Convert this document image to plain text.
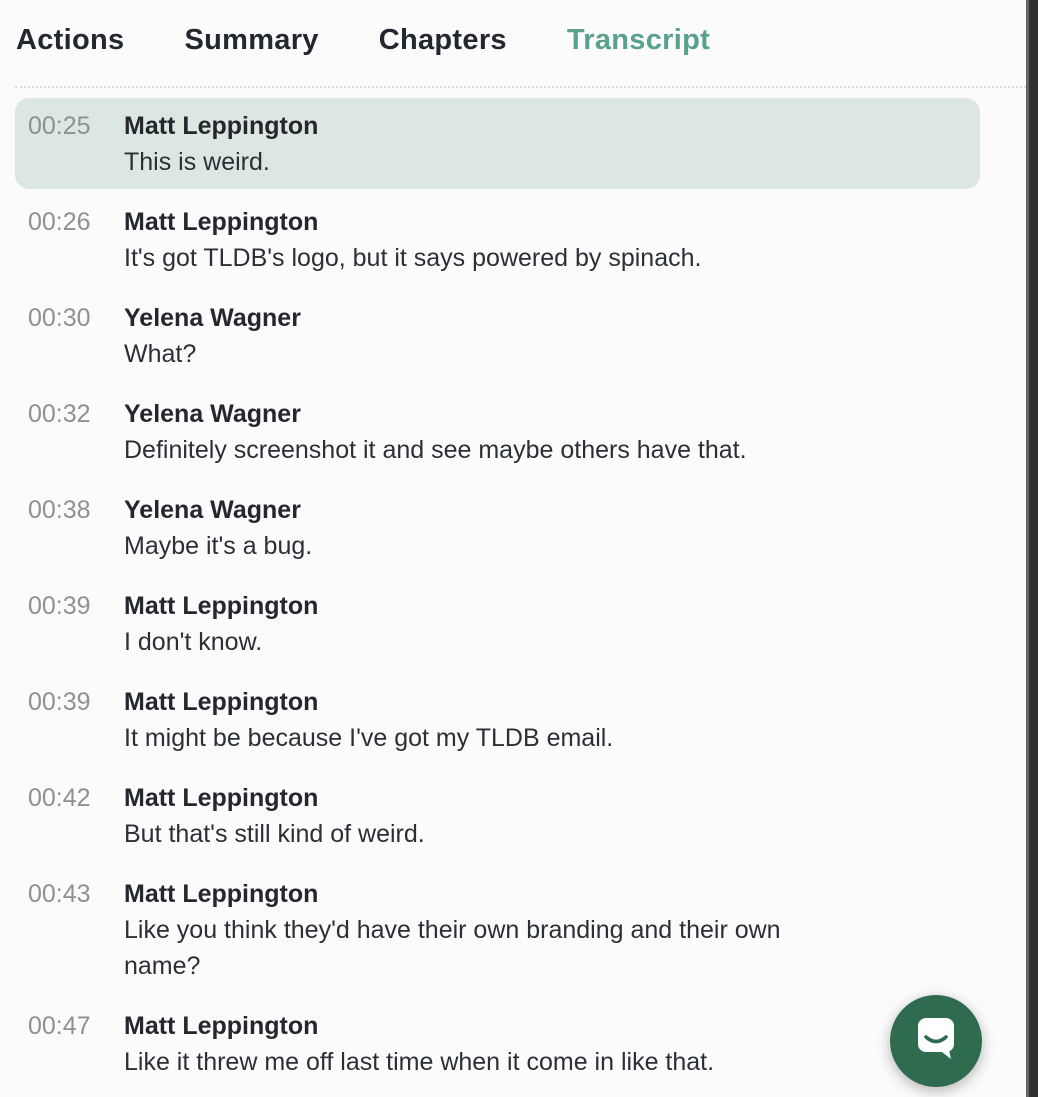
Actions Summary Chapters Transcript
00:25	Matt Leppington
This is weird.
00:26	Matt Leppington
It's got TLDB's logo, but it says powered by spinach.
00:30	Yelena Wagner
What?
00:32	Yelena Wagner
Definitely screenshot it and see maybe others have that.
00:38	Yelena Wagner
Maybe it's a bug.
00:39	Matt Leppington
I don't know.
00:39	Matt Leppington
It might be because I've got my TLDB email.
00:42	Matt Leppington
But that's still kind of weird.
00:43	Matt Leppington
Like you think they'd have their own branding and their own name?
00:47	Matt Leppington
Like it threw me off last time when it come in like that.
